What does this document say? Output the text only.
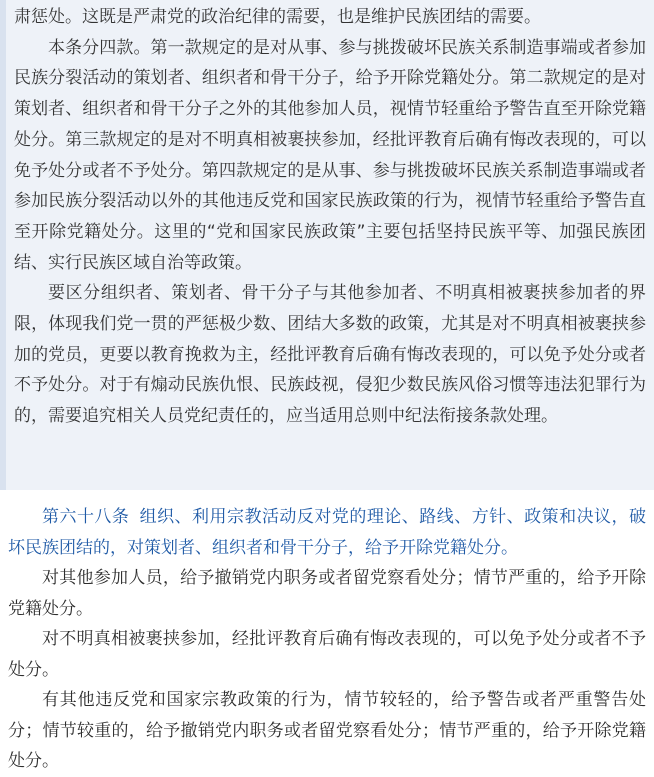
肃惩处。这既是严肃党的政治纪律的需要，也是维护民族团结的需要。

本条分四款。第一款规定的是对从事、参与挑拨破坏民族关系制造事端或者参加民族分裂活动的策划者、组织者和骨干分子，给予开除党籍处分。第二款规定的是对策划者、组织者和骨干分子之外的其他参加人员，视情节轻重给予警告直至开除党籍处分。第三款规定的是对不明真相被裹挟参加，经批评教育后确有悔改表现的，可以免予处分或者不予处分。第四款规定的是从事、参与挑拨破坏民族关系制造事端或者参加民族分裂活动以外的其他违反党和国家民族政策的行为，视情节轻重给予警告直至开除党籍处分。这里的“党和国家民族政策”主要包括坚持民族平等、加强民族团结、实行民族区域自治等政策。

要区分组织者、策划者、骨干分子与其他参加者、不明真相被裹挟参加者的界限，体现我们党一贯的严惩极少数、团结大多数的政策，尤其是对不明真相被裹挟参加的党员，更要以教育挽救为主，经批评教育后确有悔改表现的，可以免予处分或者不予处分。对于有煽动民族仇恨、民族歧视，侵犯少数民族风俗习惯等违法犯罪行为的，需要追究相关人员党纪责任的，应当适用总则中纪法衔接条款处理。

第六十八条 组织、利用宗教活动反对党的理论、路线、方针、政策和决议，破坏民族团结的，对策划者、组织者和骨干分子，给予开除党籍处分。

对其他参加人员，给予撤销党内职务或者留党察看处分；情节严重的，给予开除党籍处分。

对不明真相被裹挟参加，经批评教育后确有悔改表现的，可以免予处分或者不予处分。

有其他违反党和国家宗教政策的行为，情节较轻的，给予警告或者严重警告处分；情节较重的，给予撤销党内职务或者留党察看处分；情节严重的，给予开除党籍处分。
